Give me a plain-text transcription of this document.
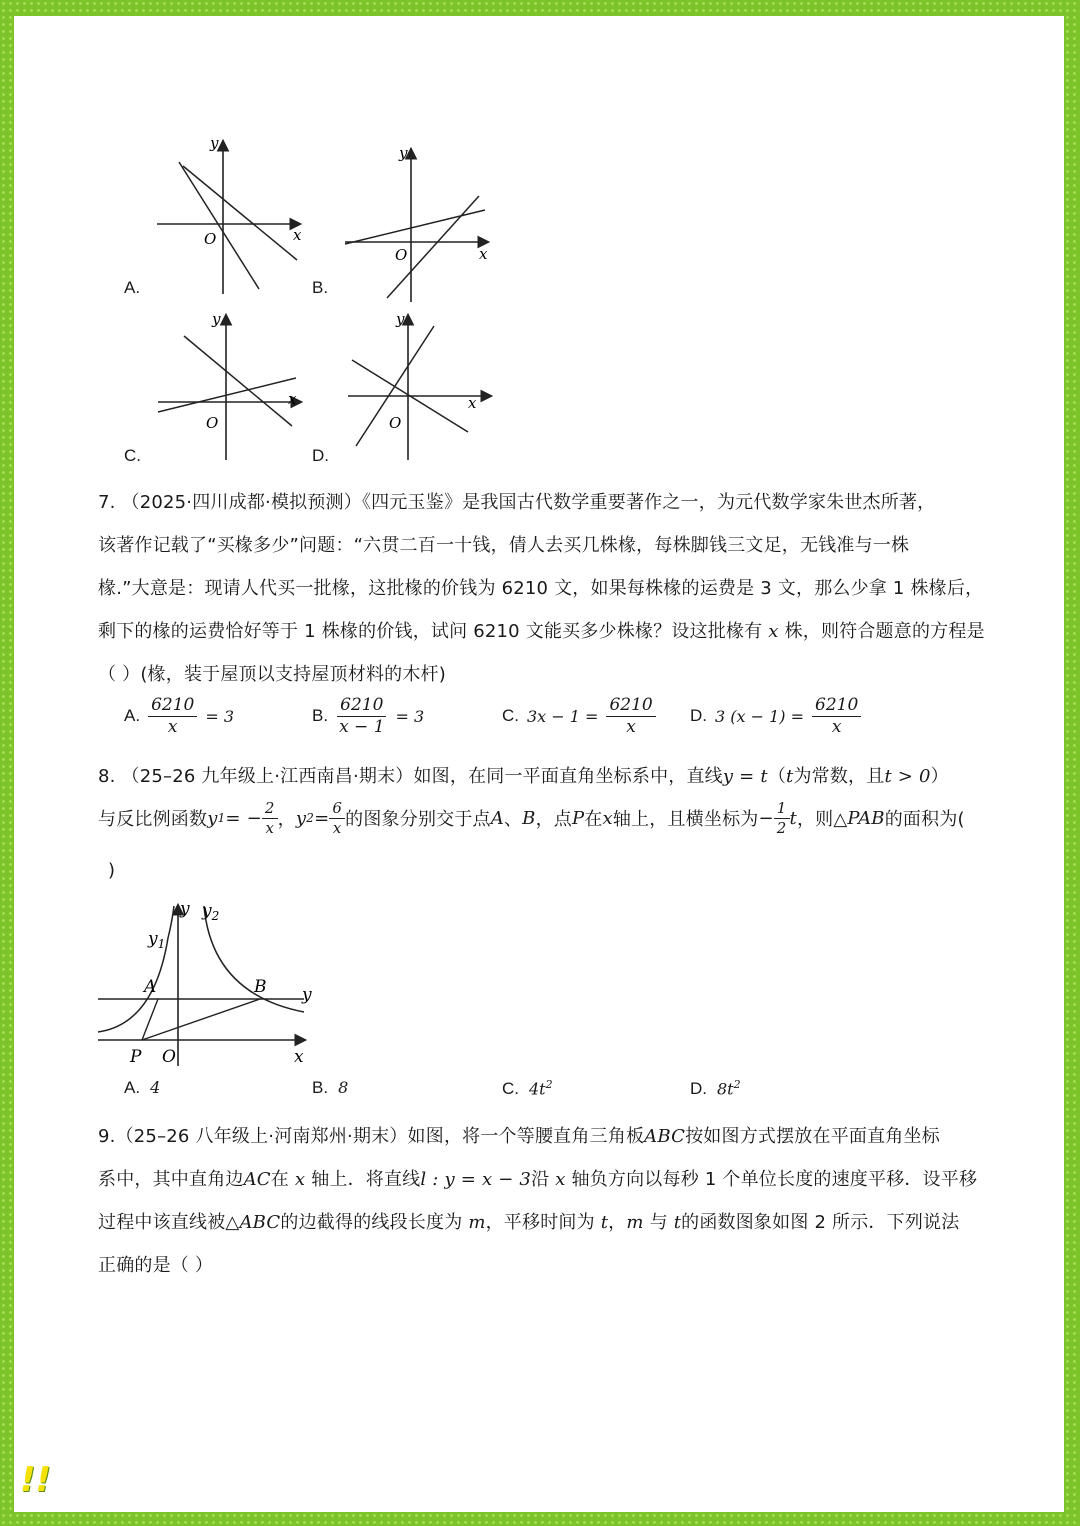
y
x
O
A.
y
x
O
B.
y
x
O
C.
y
x
O
D.
7. （2025·四川成都·模拟预测）《四元玉鉴》是我国古代数学重要著作之一，为元代数学家朱世杰所著，
该著作记载了“买椽多少”问题：“六贯二百一十钱，倩人去买几株椽，每株脚钱三文足，无钱准与一株
椽.”大意是：现请人代买一批椽，这批椽的价钱为 6210 文，如果每株椽的运费是 3 文，那么少拿 1 株椽后，
剩下的椽的运费恰好等于 1 株椽的价钱，试问 6210 文能买多少株椽？设这批椽有 x 株，则符合题意的方程是
（ ）(椽，装于屋顶以支持屋顶材料的木杆)
A. $\frac{6210}{x} = 3$	B. $\frac{6210}{x - 1} = 3$	C. $3x - 1 = \frac{6210}{x} D$. 3 $(x - 1) = \frac{6210}{x}$
8. （25–26 九年级上·江西南昌·期末）如图，在同一平面直角坐标系中，直线y = t（t为常数，且t > 0）
与反比例函数 y 1 = − $\frac{2}{x}$ ， y $2 = \frac{6}{x}$ 的图象分别交于点 A 、 B ，点 P 在 x 轴上，且横坐标为 − $\frac{1}{2}$ t ，则△ PAB 的面积为(
)
y $y_2$
$y_1$
A	B y
P O	x
A. 4	B. 8	C. $4t^2$	D. $8t^2$
9.（25–26 八年级上·河南郑州·期末）如图，将一个等腰直角三角板ABC按如图方式摆放在平面直角坐标
系中，其中直角边AC在 x 轴上．将直线l : y = x − 3沿 x 轴负方向以每秒 1 个单位长度的速度平移．设平移
过程中该直线被△ABC的边截得的线段长度为 m，平移时间为 t，m 与 t的函数图象如图 2 所示．下列说法
正确的是（ ）
!!
